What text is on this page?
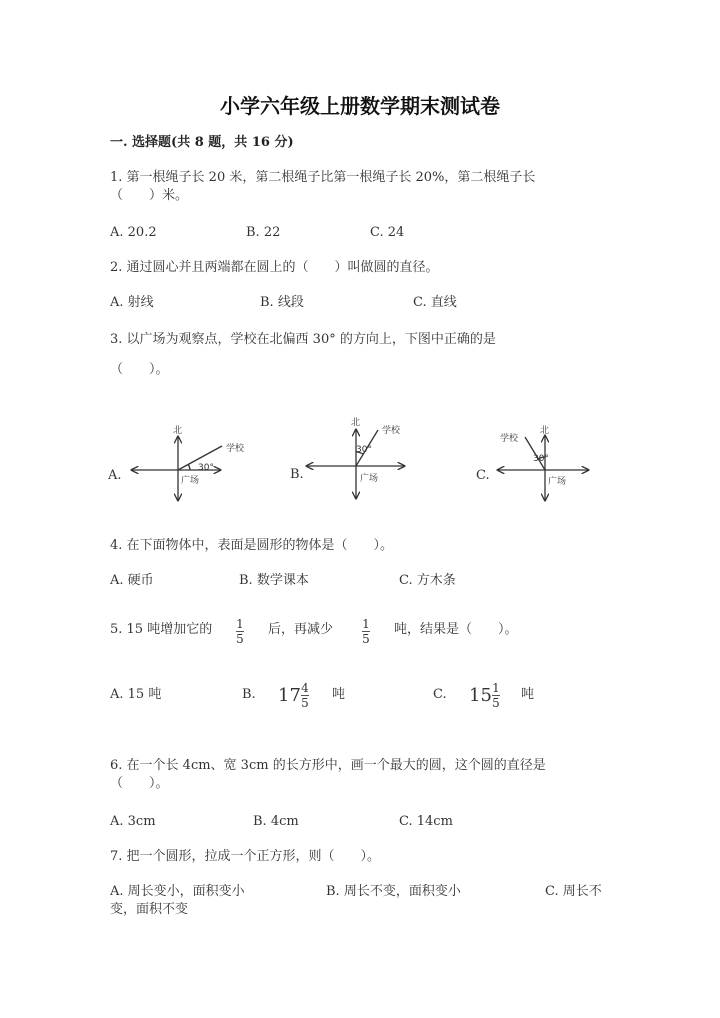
小学六年级上册数学期末测试卷
一. 选择题(共 8 题，共 16 分)
1. 第一根绳子长 20 米，第二根绳子比第一根绳子长 20%，第二根绳子长
（　　）米。
A. 20.2	B. 22	C. 24
2. 通过圆心并且两端都在圆上的（　　）叫做圆的直径。
A. 射线	B. 线段	C. 直线
3. 以广场为观察点，学校在北偏西 30° 的方向上，下图中正确的是
（　　）。
A.	B.	C.
北
学校
30°
广场
北
学校
30°
广场
学校
北
30°
广场
4. 在下面物体中，表面是圆形的物体是（　　）。
A. 硬币	B. 数学课本	C. 方木条
5. 15 吨增加它的 1
5
后，再减少 1
5
吨，结果是（　　）。
A. 15 吨	B. $17 \frac{4}{5}$ 吨	C. $15 \frac{1}{5}$ 吨
6. 在一个长 4cm、宽 3cm 的长方形中，画一个最大的圆，这个圆的直径是
（　　）。
A. 3cm	B. 4cm	C. 14cm
7. 把一个圆形，拉成一个正方形，则（　　）。
A. 周长变小，面积变小	B. 周长不变，面积变小	C. 周长不
变，面积不变
